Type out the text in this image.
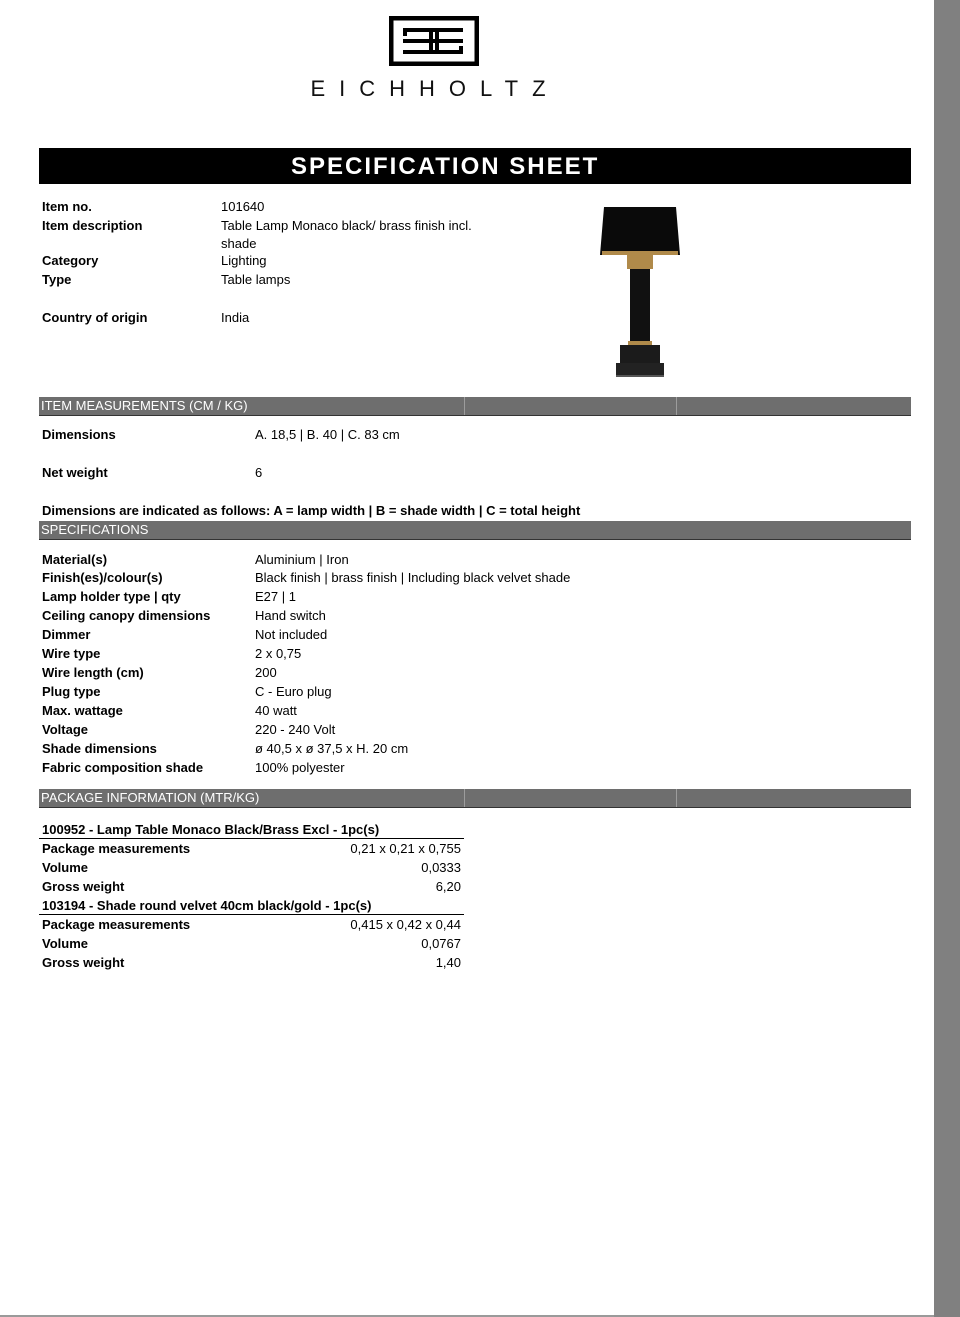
EICHHOLTZ
SPECIFICATION SHEET
Item no.	101640
Item description	Table Lamp Monaco black/ brass finish incl.
shade
Category	Lighting
Type	Table lamps
Country of origin	India
ITEM MEASUREMENTS (CM / KG)
Dimensions	A. 18,5 | B. 40 | C. 83 cm
Net weight	6
Dimensions are indicated as follows: A = lamp width | B = shade width | C = total height
SPECIFICATIONS
Material(s)	Aluminium | Iron
Finish(es)/colour(s)	Black finish | brass finish | Including black velvet shade
Lamp holder type | qty	E27 | 1
Ceiling canopy dimensions	Hand switch
Dimmer	Not included
Wire type	2 x 0,75
Wire length (cm)	200
Plug type	C - Euro plug
Max. wattage	40 watt
Voltage	220 - 240 Volt
Shade dimensions	ø 40,5 x ø 37,5 x H. 20 cm
Fabric composition shade	100% polyester
PACKAGE INFORMATION (MTR/KG)
100952 - Lamp Table Monaco Black/Brass Excl - 1pc(s)
Package measurements	0,21 x 0,21 x 0,755
Volume	0,0333
Gross weight	6,20
103194 - Shade round velvet 40cm black/gold - 1pc(s)
Package measurements	0,415 x 0,42 x 0,44
Volume	0,0767
Gross weight	1,40
